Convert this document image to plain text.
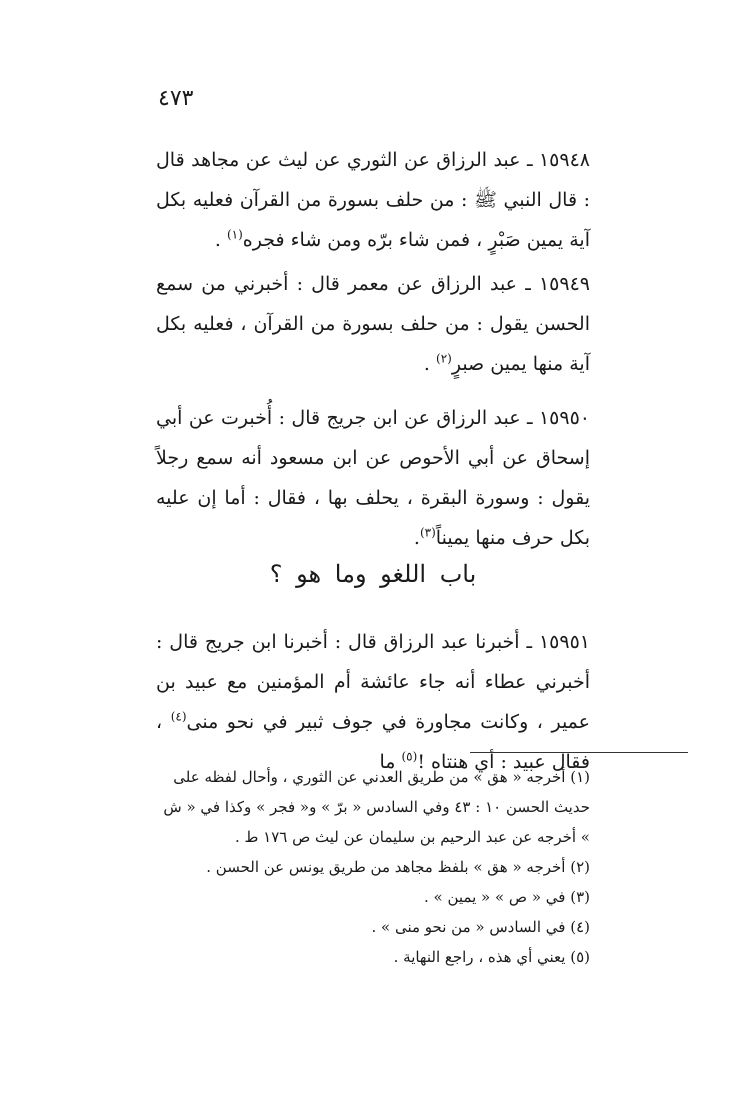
٤٧٣

١٥٩٤٨ ـ عبد الرزاق عن الثوري عن ليث عن مجاهد قال : قال النبي ﷺ : من حلف بسورة من القرآن فعليه بكل آية يمين صَبْرٍ ، فمن شاء برّه ومن شاء فجره$^{(١)}$ .

١٥٩٤٩ ـ عبد الرزاق عن معمر قال : أخبرني من سمع الحسن يقول : من حلف بسورة من القرآن ، فعليه بكل آية منها يمين صبرٍ$^{(٢)}$ .

١٥٩٥٠ ـ عبد الرزاق عن ابن جريج قال : أُخبرت عن أبي إسحاق عن أبي الأحوص عن ابن مسعود أنه سمع رجلاً يقول : وسورة البقرة ، يحلف بها ، فقال : أما إن عليه بكل حرف منها يميناً$^{(٣)}$.

باب اللغو وما هو ؟

١٥٩٥١ ـ أخبرنا عبد الرزاق قال : أخبرنا ابن جريج قال : أخبرني عطاء أنه جاء عائشة أم المؤمنين مع عبيد بن عمير ، وكانت مجاورة في جوف ثبير في نحو منى$^{(٤)}$ ، فقال عبيد : أي هنتاه !$^{(٥)}$ ما

(١) أخرجه « هق » من طريق العدني عن الثوري ، وأحال لفظه على حديث الحسن ١٠ : ٤٣ وفي السادس « برّ » و« فجر » وكذا في « ش » أخرجه عن عبد الرحيم بن سليمان عن ليث ص ١٧٦ ط .

(٢) أخرجه « هق » بلفظ مجاهد من طريق يونس عن الحسن .

(٣) في « ص » « يمين » .

(٤) في السادس « من نحو منى » .

(٥) يعني أي هذه ، راجع النهاية .
